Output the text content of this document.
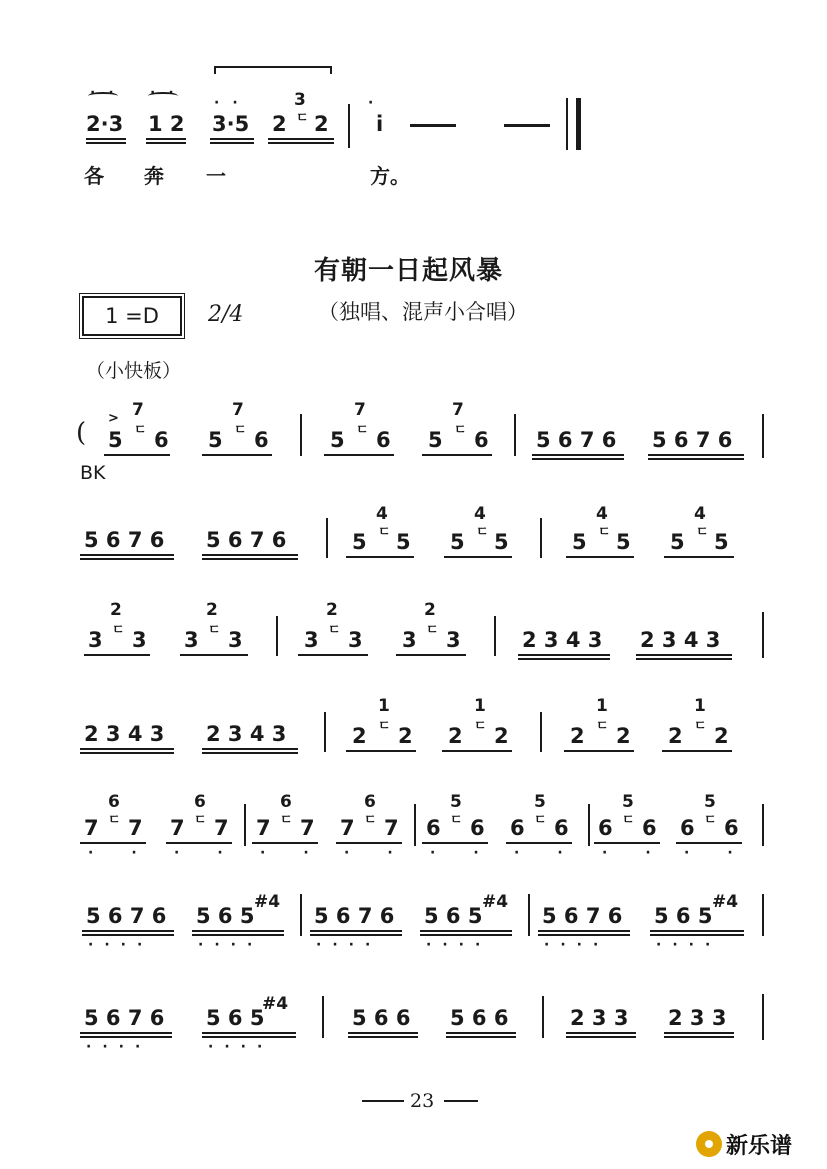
··
2·3
··
1 2
··
3·5 2
3
ㄷ 2
·
i
各 奔 一	方。
有朝一日起风暴
1 =D	2/4	（独唱、混声小合唱）
（小快板）
( >
5
7
ㄷ 6 5
7
ㄷ 6	5
7
ㄷ 6 5
7
ㄷ 6 5 6 7 6 5 6 7 6
BK
5 6 7 6 5 6 7 6	5
4
ㄷ 5 5
4
ㄷ 5	5
4
ㄷ 5 5
4
ㄷ 5
3
2
ㄷ 3 3
2
ㄷ 3	3
2
ㄷ 3 3
2
ㄷ 3	2 3 4 3 2 3 4 3
2 3 4 3 2 3 4 3	2
1
ㄷ 2 2
1
ㄷ 2	2
1
ㄷ 2 2
1
ㄷ 2
7
6
ㄷ 7
··
7
6
ㄷ 7
··
7
6
ㄷ 7
··
7
6
ㄷ 7
··
6
5
ㄷ 6
··
6
5
ㄷ 6
··
6
5
ㄷ 6
··
6
5
ㄷ 6
··
5 6 7 6
····
5 6 5
#4
····
5 6 7 6
····
5 6 5
#4
····
5 6 7 6
····
5 6 5
#4
····
5 6 7 6
····
5 6 5
#4
····
5 6 6 5 6 6	2 3 3 2 3 3
23
新乐谱
